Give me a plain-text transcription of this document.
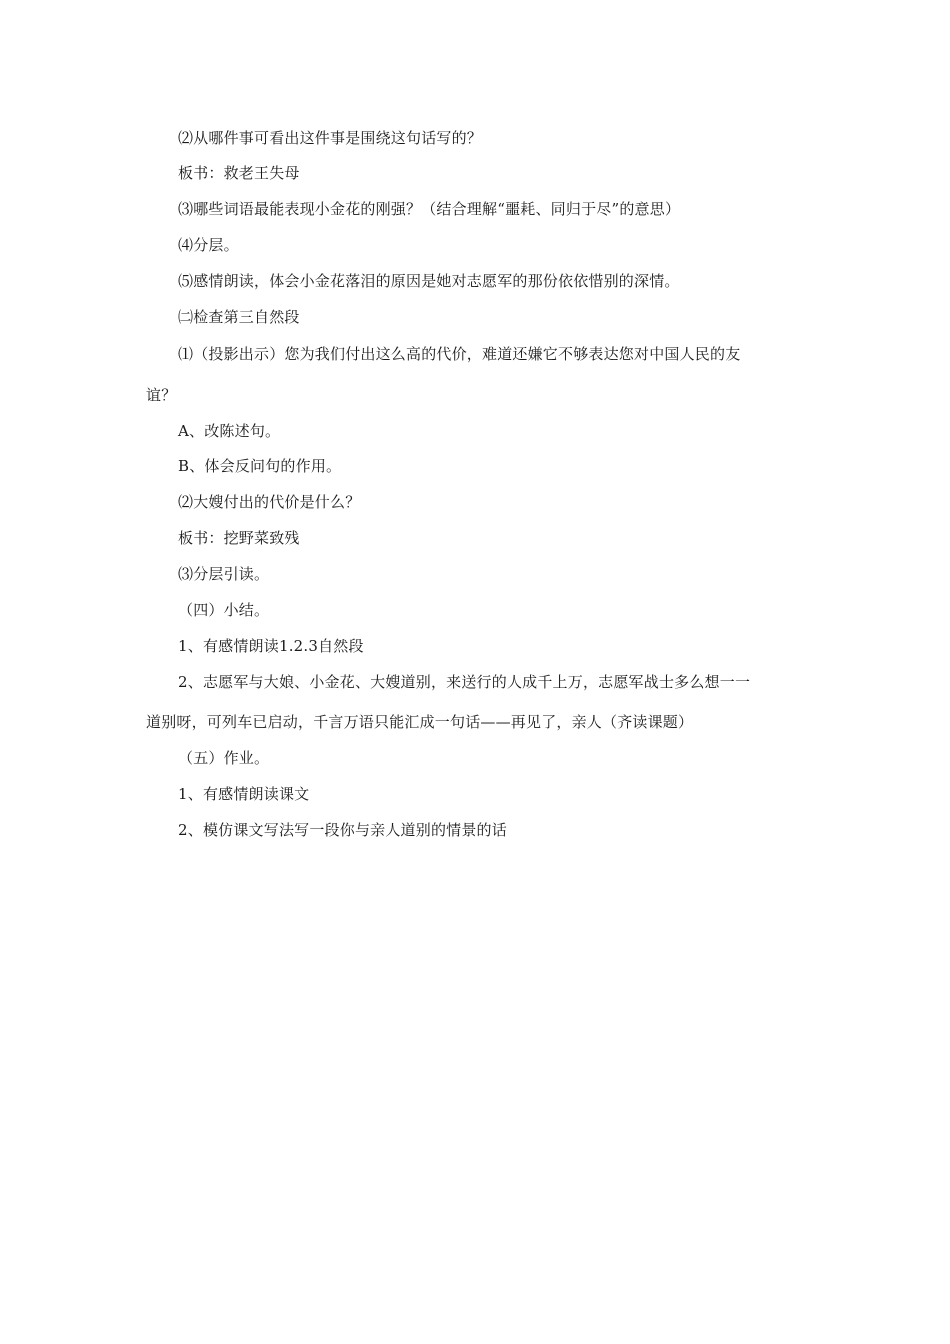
⑵从哪件事可看出这件事是围绕这句话写的？
板书：救老王失母
⑶哪些词语最能表现小金花的刚强？（结合理解“噩耗、同归于尽”的意思）
⑷分层。
⑸感情朗读，体会小金花落泪的原因是她对志愿军的那份依依惜别的深情。
㈡检查第三自然段
⑴（投影出示）您为我们付出这么高的代价，难道还嫌它不够表达您对中国人民的友
谊？
A、改陈述句。
B、体会反问句的作用。
⑵大嫂付出的代价是什么？
板书：挖野菜致残
⑶分层引读。
（四）小结。
1、有感情朗读1.2.3自然段
2、志愿军与大娘、小金花、大嫂道别，来送行的人成千上万，志愿军战士多么想一一
道别呀，可列车已启动，千言万语只能汇成一句话——再见了，亲人（齐读课题）
（五）作业。
1、有感情朗读课文
2、模仿课文写法写一段你与亲人道别的情景的话
